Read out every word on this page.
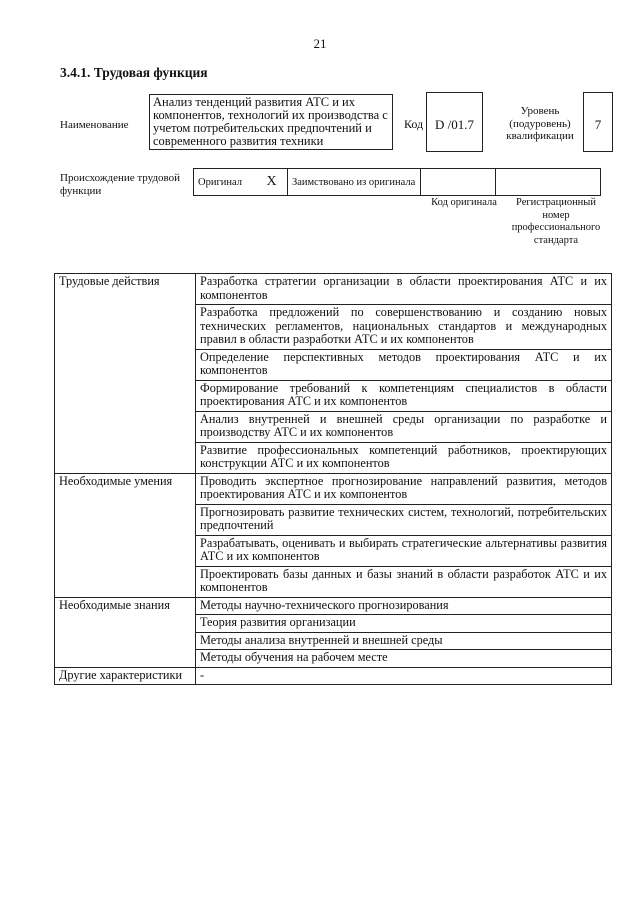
21
3.4.1. Трудовая функция
Наименование
Анализ тенденций развития АТС и их компонентов, технологий их производства с учетом потребительских предпочтений и современного развития техники
Код D /01.7
Уровень (подуровень) квалификации
7
Происхождение трудовой функции
Оригинал	X	Заимствовано из оригинала		
Код оригинала	Регистрационный номер профессионального стандарта
Трудовые действия	Разработка стратегии организации в области проектирования АТС и их компонентов
	Разработка предложений по совершенствованию и созданию новых технических регламентов, национальных стандартов и международных правил в области разработки АТС и их компонентов
	Определение перспективных методов проектирования АТС и их компонентов
	Формирование требований к компетенциям специалистов в области проектирования АТС и их компонентов
	Анализ внутренней и внешней среды организации по разработке и производству АТС и их компонентов
	Развитие профессиональных компетенций работников, проектирующих конструкции АТС и их компонентов
Необходимые умения	Проводить экспертное прогнозирование направлений развития, методов проектирования АТС и их компонентов
	Прогнозировать развитие технических систем, технологий, потребительских предпочтений
	Разрабатывать, оценивать и выбирать стратегические альтернативы развития АТС и их компонентов
	Проектировать базы данных и базы знаний в области разработок АТС и их компонентов
Необходимые знания	Методы научно-технического прогнозирования
	Теория развития организации
	Методы анализа внутренней и внешней среды
	Методы обучения на рабочем месте
Другие характеристики	-
